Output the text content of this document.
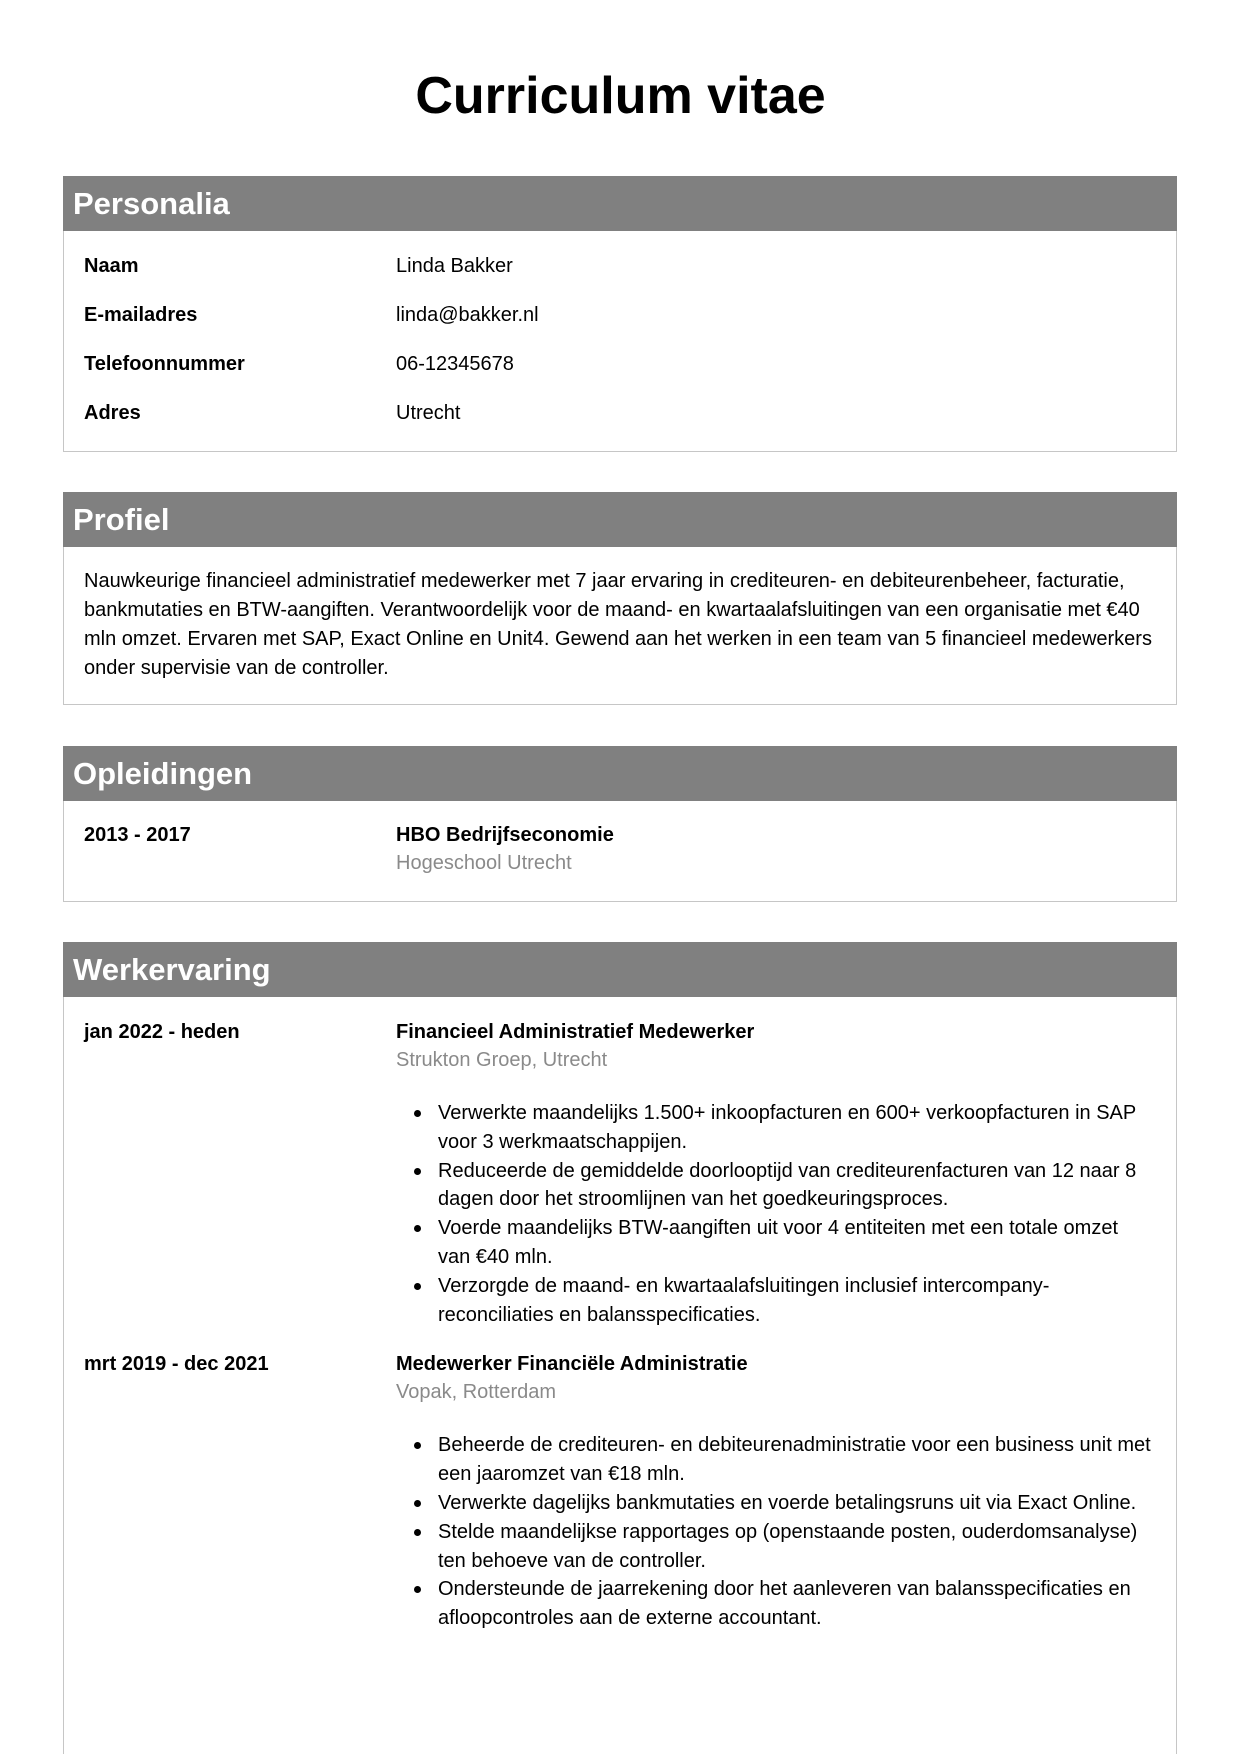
Curriculum vitae
Personalia
Naam	Linda Bakker
E-mailadres	linda@bakker.nl
Telefoonnummer	06-12345678
Adres	Utrecht
Profiel

Nauwkeurige financieel administratief medewerker met 7 jaar ervaring in crediteuren- en debiteurenbeheer, facturatie, bankmutaties en BTW-aangiften. Verantwoordelijk voor de maand- en kwartaalafsluitingen van een organisatie met €40 mln omzet. Ervaren met SAP, Exact Online en Unit4. Gewend aan het werken in een team van 5 financieel medewerkers onder supervisie van de controller.

Opleidingen
2013 - 2017	HBO Bedrijfseconomie

Hogeschool Utrecht

Werkervaring
jan 2022 - heden	Financieel Administratief Medewerker

Strukton Groep, Utrecht

Verwerkte maandelijks 1.500+ inkoopfacturen en 600+ verkoopfacturen in SAP voor 3 werkmaatschappijen.
Reduceerde de gemiddelde doorlooptijd van crediteurenfacturen van 12 naar 8 dagen door het stroomlijnen van het goedkeuringsproces.
Voerde maandelijks BTW-aangiften uit voor 4 entiteiten met een totale omzet van €40 mln.
Verzorgde de maand- en kwartaalafsluitingen inclusief intercompany-reconciliaties en balansspecificaties.
mrt 2019 - dec 2021	Medewerker Financiële Administratie

Vopak, Rotterdam

Beheerde de crediteuren- en debiteurenadministratie voor een business unit met een jaaromzet van €18 mln.
Verwerkte dagelijks bankmutaties en voerde betalingsruns uit via Exact Online.
Stelde maandelijkse rapportages op (openstaande posten, ouderdomsanalyse) ten behoeve van de controller.
Ondersteunde de jaarrekening door het aanleveren van balansspecificaties en afloopcontroles aan de externe accountant.
